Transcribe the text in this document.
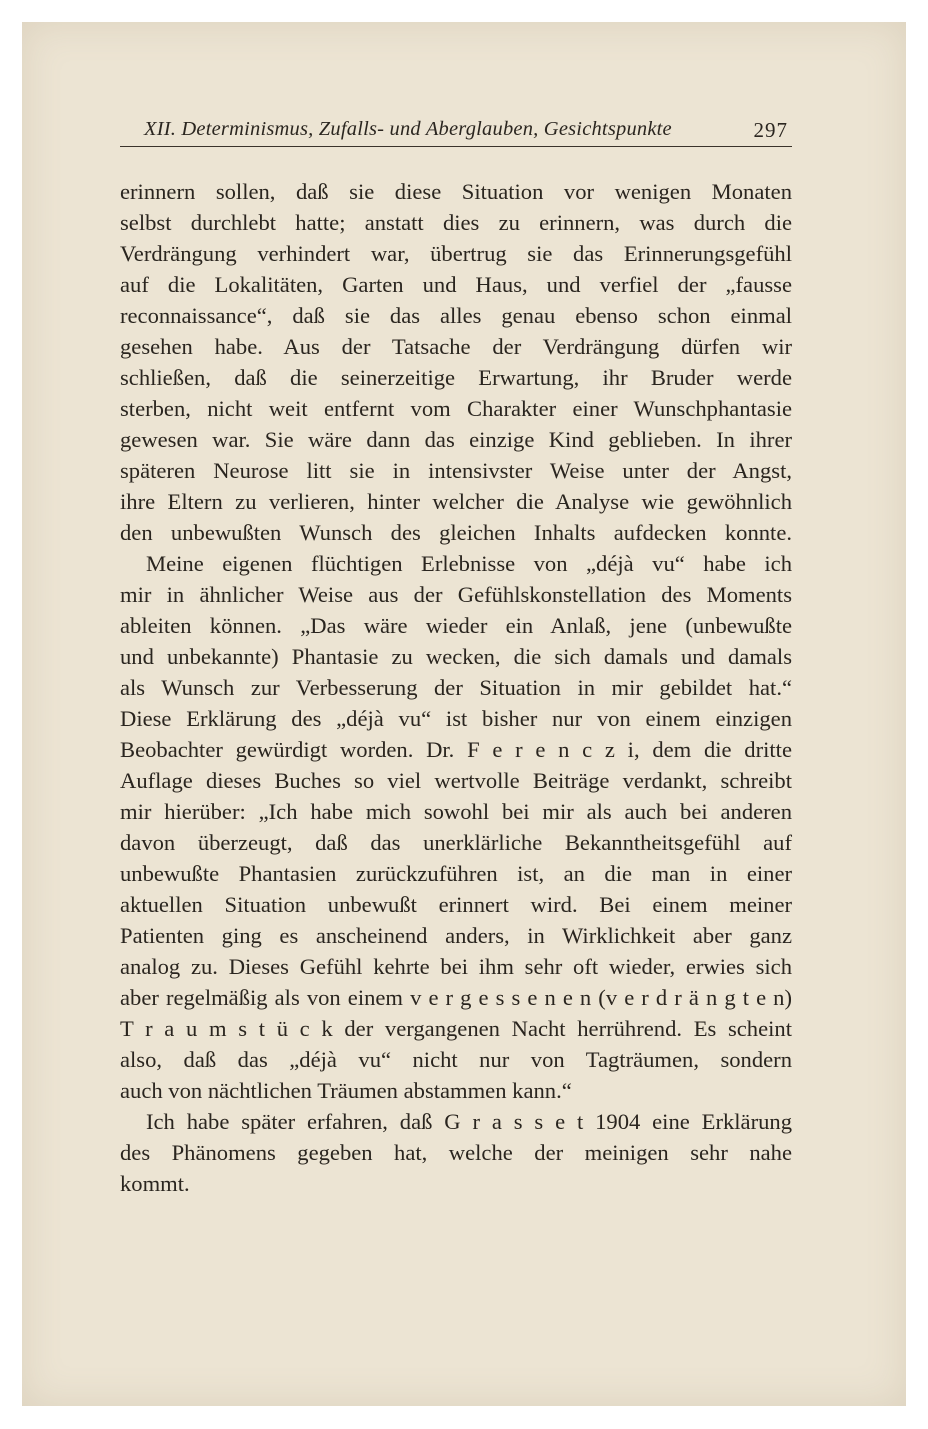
XII. Determinismus, Zufalls- und Aberglauben, Gesichtspunkte	297
erinnern sollen, daß sie diese Situation vor wenigen Monaten
selbst durchlebt hatte; anstatt dies zu erinnern, was durch die
Verdrängung verhindert war, übertrug sie das Erinnerungsgefühl
auf die Lokalitäten, Garten und Haus, und verfiel der „fausse
reconnaissance“, daß sie das alles genau ebenso schon einmal
gesehen habe. Aus der Tatsache der Verdrängung dürfen wir
schließen, daß die seinerzeitige Erwartung, ihr Bruder werde
sterben, nicht weit entfernt vom Charakter einer Wunschphantasie
gewesen war. Sie wäre dann das einzige Kind geblieben. In ihrer
späteren Neurose litt sie in intensivster Weise unter der Angst,
ihre Eltern zu verlieren, hinter welcher die Analyse wie gewöhnlich
den unbewußten Wunsch des gleichen Inhalts aufdecken konnte.
Meine eigenen flüchtigen Erlebnisse von „déjà vu“ habe ich
mir in ähnlicher Weise aus der Gefühlskonstellation des Moments
ableiten können. „Das wäre wieder ein Anlaß, jene (unbewußte
und unbekannte) Phantasie zu wecken, die sich damals und damals
als Wunsch zur Verbesserung der Situation in mir gebildet hat.“
Diese Erklärung des „déjà vu“ ist bisher nur von einem einzigen
Beobachter gewürdigt worden. Dr. F e r e n c z i, dem die dritte
Auflage dieses Buches so viel wertvolle Beiträge verdankt, schreibt
mir hierüber: „Ich habe mich sowohl bei mir als auch bei anderen
davon überzeugt, daß das unerklärliche Bekanntheitsgefühl auf
unbewußte Phantasien zurückzuführen ist, an die man in einer
aktuellen Situation unbewußt erinnert wird. Bei einem meiner
Patienten ging es anscheinend anders, in Wirklichkeit aber ganz
analog zu. Dieses Gefühl kehrte bei ihm sehr oft wieder, erwies sich
aber regelmäßig als von einem v e r g e s s e n e n (v e r d r ä n g t e n)
T r a u m s t ü c k der vergangenen Nacht herrührend. Es scheint
also, daß das „déjà vu“ nicht nur von Tagträumen, sondern
auch von nächtlichen Träumen abstammen kann.“
Ich habe später erfahren, daß G r a s s e t 1904 eine Erklärung
des Phänomens gegeben hat, welche der meinigen sehr nahe
kommt.
